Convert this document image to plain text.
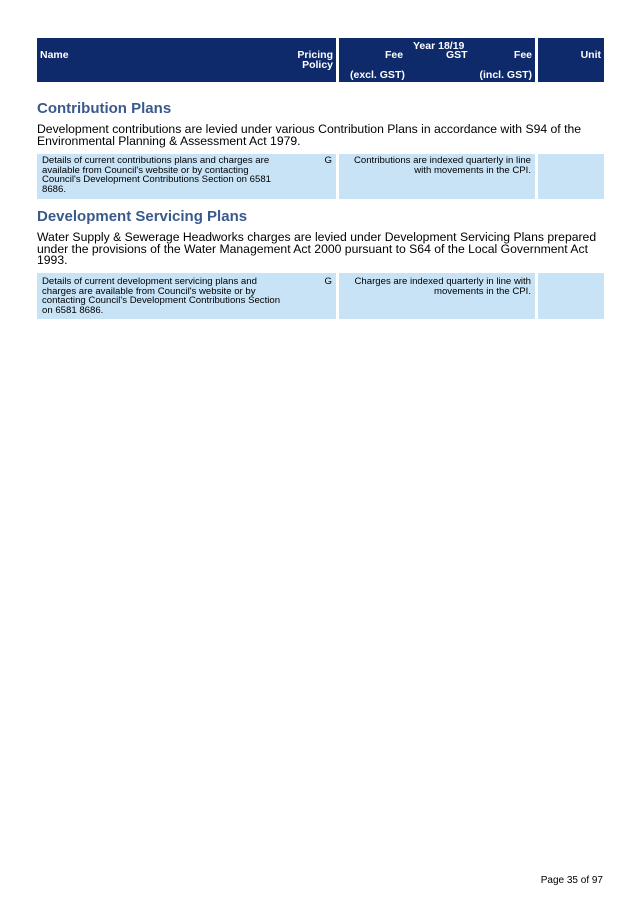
Name	Pricing
Policy
Year 18/19
Fee
(excl. GST)
GST	Fee
(incl. GST)
Unit
Contribution Plans
Development contributions are levied under various Contribution Plans in accordance with S94 of the
Environmental Planning & Assessment Act 1979.
Details of current contributions plans and charges are
available from Council's website or by contacting
Council's Development Contributions Section on 6581
8686.
G Contributions are indexed quarterly in line
with movements in the CPI.
Development Servicing Plans
Water Supply & Sewerage Headworks charges are levied under Development Servicing Plans prepared
under the provisions of the Water Management Act 2000 pursuant to S64 of the Local Government Act
1993.
Details of current development servicing plans and
charges are available from Council's website or by
contacting Council's Development Contributions Section
on 6581 8686.
G Charges are indexed quarterly in line with
movements in the CPI.
Page 35 of 97
